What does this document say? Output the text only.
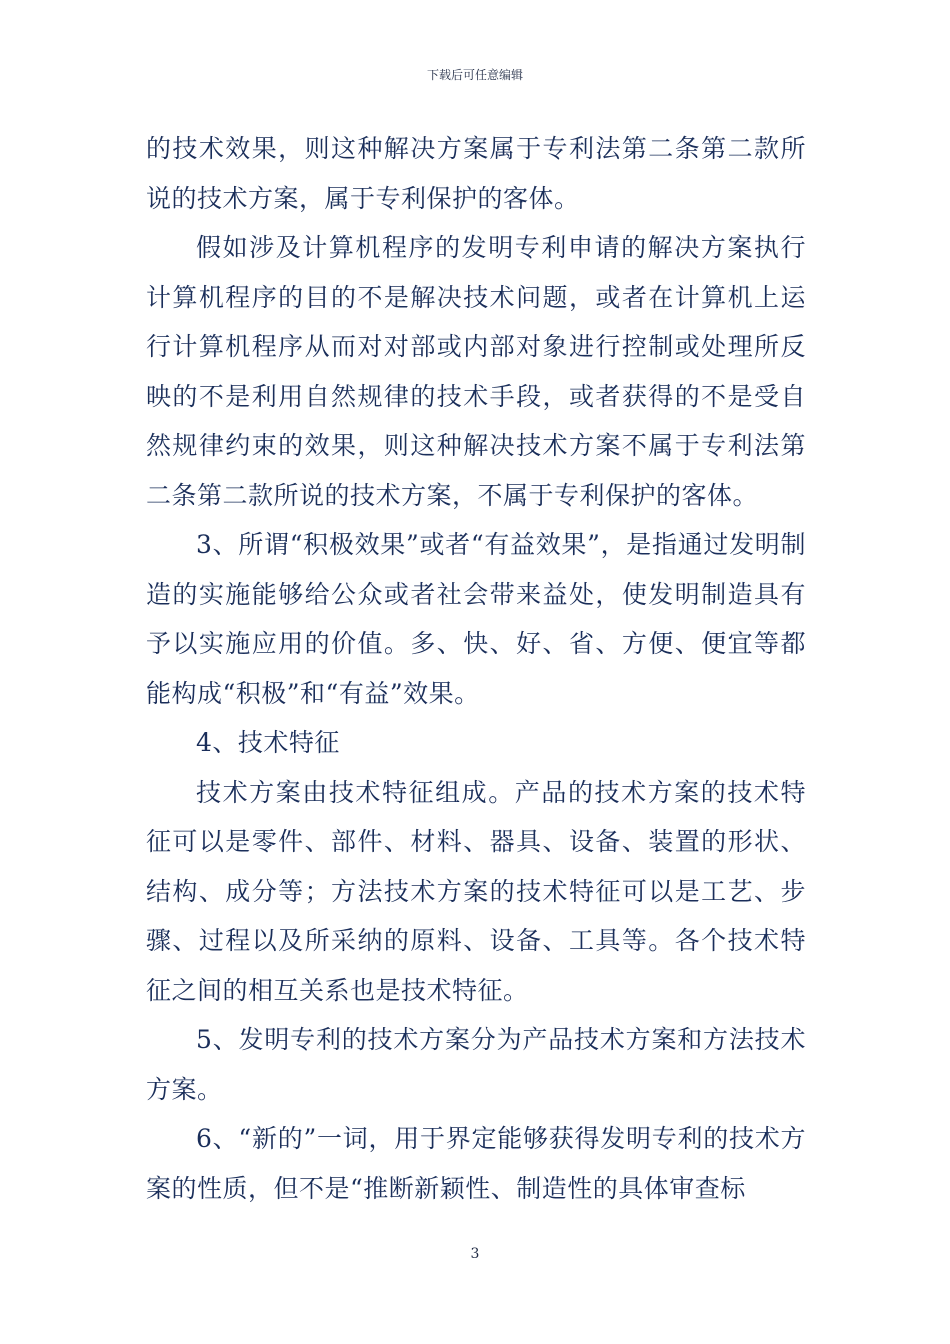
下载后可任意编辑

的技术效果，则这种解决方案属于专利法第二条第二款所说的技术方案，属于专利保护的客体。

假如涉及计算机程序的发明专利申请的解决方案执行计算机程序的目的不是解决技术问题，或者在计算机上运行计算机程序从而对对部或内部对象进行控制或处理所反映的不是利用自然规律的技术手段，或者获得的不是受自然规律约束的效果，则这种解决技术方案不属于专利法第二条第二款所说的技术方案，不属于专利保护的客体。

3、所谓“积极效果”或者“有益效果”，是指通过发明制造的实施能够给公众或者社会带来益处，使发明制造具有予以实施应用的价值。多、快、好、省、方便、便宜等都能构成“积极”和“有益”效果。

4、技术特征

技术方案由技术特征组成。产品的技术方案的技术特征可以是零件、部件、材料、器具、设备、装置的形状、结构、成分等；方法技术方案的技术特征可以是工艺、步骤、过程以及所采纳的原料、设备、工具等。各个技术特征之间的相互关系也是技术特征。

5、发明专利的技术方案分为产品技术方案和方法技术方案。

6、“新的”一词，用于界定能够获得发明专利的技术方案的性质，但不是“推断新颖性、制造性的具体审查标

3
